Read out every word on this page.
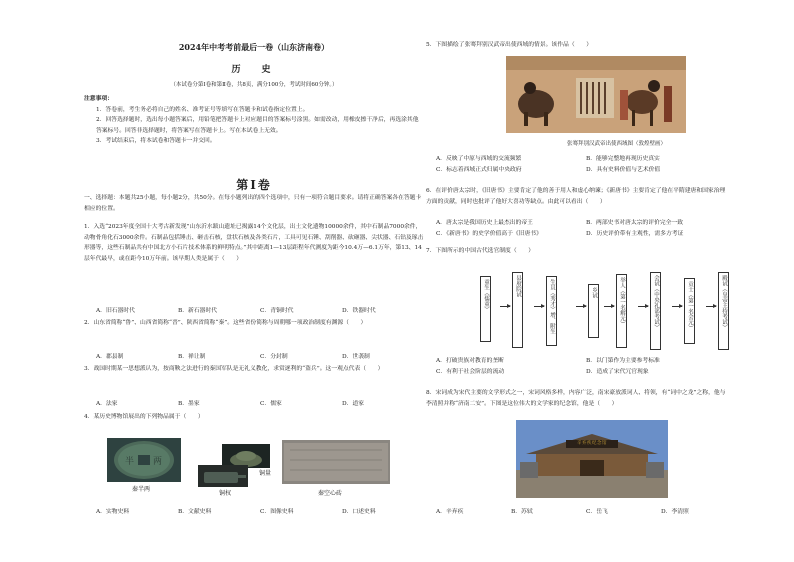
2024年中考考前最后一卷（山东济南卷）
历　史
（本试卷分第Ⅰ卷和第Ⅱ卷，共8页，满分100分，考试时间60分钟。）
注意事项：
1．答卷前，考生务必将自己的姓名、准考证号等填写在答题卡和试卷指定位置上。
2．回答选择题时，选出每小题答案后，用铅笔把答题卡上对应题目的答案标号涂黑。如需改动，用橡皮擦干净后，再选涂其他答案标号。回答非选择题时，将答案写在答题卡上。写在本试卷上无效。
3．考试结束后，将本试卷和答题卡一并交回。
第Ⅰ卷
一、选择题：本题共25小题，每小题2分，共50分。在每小题列出的四个选项中，只有一项符合题目要求。请将正确答案各在答题卡相应的位置。
1．入选“2023年度全国十大考古新发现”山东沂水跋山遗址已揭露14个文化层，出土文化遗物10000余件，其中石制品7000余件，动物骨角化石3000余件。石制品包括锤击、砸击石核，盘状石核及各类石片，工具可见石锤、刮削器、砍砸器、尖状器、石钻及琢击形器等，这些石制品共有中国北方小石片技术体系的鲜明特点。”其中距离1—13层距程年代测度为距今10.4万—6.1万年，第13、14层年代最早，或在距今10万年前。该早期人类是属于（　　）
A．旧石器时代	B．新石器时代	C．青铜时代	D．铁器时代
2．山东省简称“鲁”、山西省简称“晋”、陕西省简称“秦”。这些省份简称与周朝哪一项政治制度有渊源（　　）
A．郡县制	B．禅让制	C．分封制	D．世袭制
3．战国时期某一思想派认为，按商鞅之法进行的秦国军队是无礼义教化，求赏逐利的“盗兵”。这一观点代表（　　）
A．法家	B．墨家	C．儒家	D．道家
4．某历史博物馆展出的下列物品属于（　　）
半 两
秦半两
铜权
铜量
秦空心砖
A．实物史料	B．文献史料	C．图像史料	D．口述史料
5．下图描绘了张骞拜别汉武帝出使西域的情景。该作品（　　）
张骞拜别汉武帝出使西域图（敦煌壁画）
A．反映了中原与西域的交流频繁	B．能够完整地再现历史真实
C．标志着西域正式归属中央政府	D．具有史料价值与艺术价值
6．在评价唐太宗时，《旧唐书》主要肯定了他的善于用人和虚心纳谏；《新唐书》主要肯定了他在平隋建唐和国家治理方面的贡献，同时也批评了他好大喜功等缺点。由此可以看出（　　）
A．唐太宗是我国历史上最杰出的帝王	B．两部史书对唐太宗的评价完全一致
C．《新唐书》的史学价值高于《旧唐书》	D．历史评价带有主观性，需多方考证
7．下图所示的中国古代选官制度（　　）
童生（儒童）	县府院试	生员（秀才）增、附生	乡试	举人（第一名解元）	会试（中央礼部考试）	贡士（第一名会元）	殿试（皇帝主持考试）
A．打破贵族对教育的垄断	B．以门第作为主要参考标准
C．有利于社会阶层的流动	D．造成了宋代冗官现象
8．宋词成为宋代主要的文学形式之一，宋词风格多样，内容广泛，南宋豪放派词人、将领，有“词中之龙”之称，他与李清照并称“济南二安”。下图是这位伟大的文学家的纪念馆，他是（　　）
辛弃疾纪念馆
A．辛弃疾	B．苏轼	C．岳飞	D．李清照
